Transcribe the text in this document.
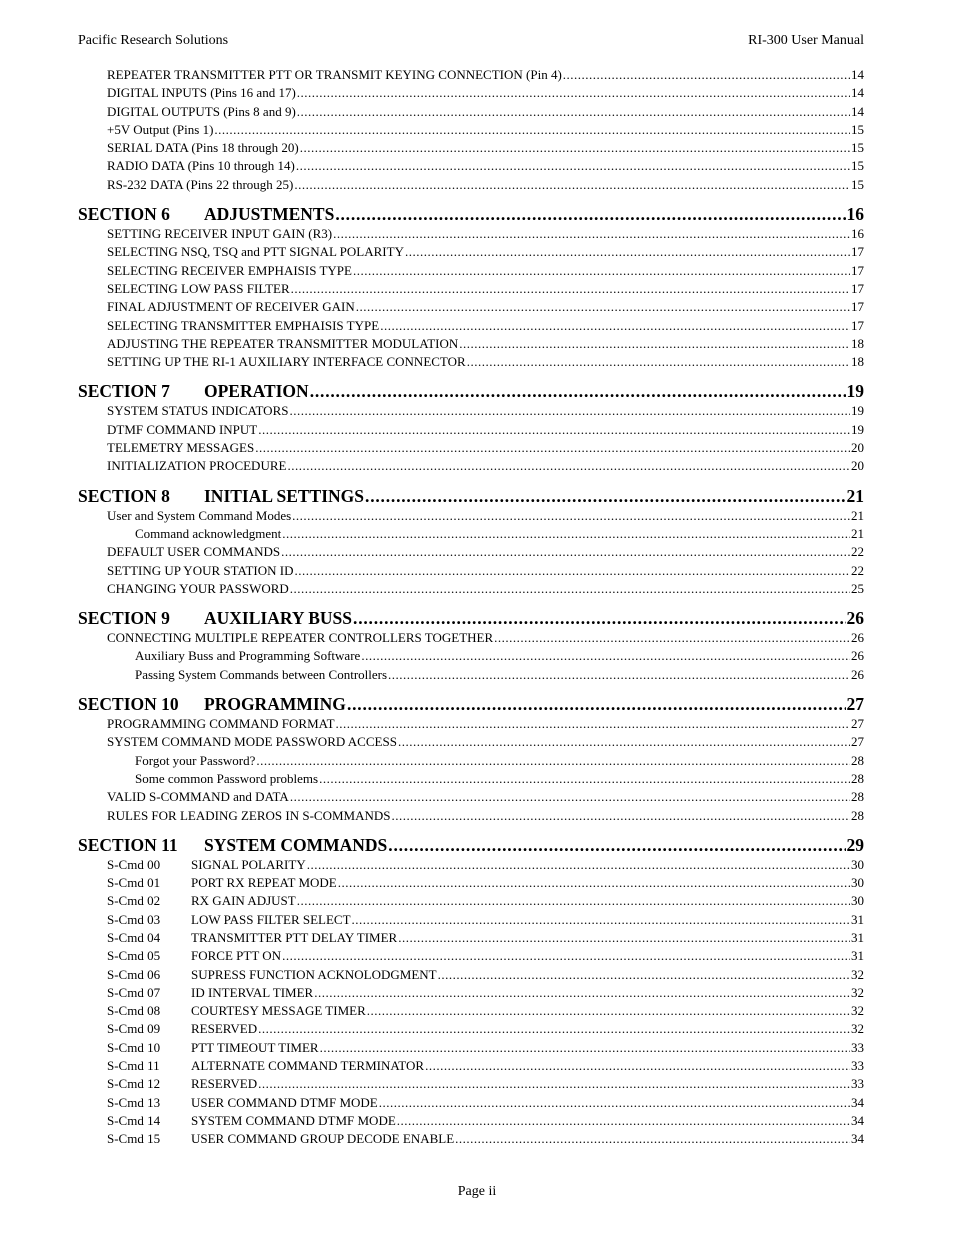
Pacific Research Solutions	RI-300 User Manual
REPEATER TRANSMITTER PTT OR TRANSMIT KEYING CONNECTION (Pin 4) .....	14
DIGITAL INPUTS (Pins 16 and 17) .....	14
DIGITAL OUTPUTS (Pins 8 and 9) .....	14
+5V Output (Pins 1) .....	15
SERIAL DATA (Pins 18 through 20) .....	15
RADIO DATA (Pins 10 through 14) .....	15
RS-232 DATA (Pins 22 through 25) .....	15
SECTION 6 ADJUSTMENTS .....	16
SETTING RECEIVER INPUT GAIN (R3) .....	16
SELECTING NSQ, TSQ and PTT SIGNAL POLARITY .....	17
SELECTING RECEIVER EMPHAISIS TYPE .....	17
SELECTING LOW PASS FILTER .....	17
FINAL ADJUSTMENT OF RECEIVER GAIN .....	17
SELECTING TRANSMITTER EMPHAISIS TYPE .....	17
ADJUSTING THE REPEATER TRANSMITTER MODULATION .....	18
SETTING UP THE RI-1 AUXILIARY INTERFACE CONNECTOR .....	18
SECTION 7 OPERATION .....	19
SYSTEM STATUS INDICATORS .....	19
DTMF COMMAND INPUT .....	19
TELEMETRY MESSAGES .....	20
INITIALIZATION PROCEDURE .....	20
SECTION 8 INITIAL SETTINGS .....	21
User and System Command Modes .....	21
Command acknowledgment .....	21
DEFAULT USER COMMANDS .....	22
SETTING UP YOUR STATION ID .....	22
CHANGING YOUR PASSWORD .....	25
SECTION 9 AUXILIARY BUSS .....	26
CONNECTING MULTIPLE REPEATER CONTROLLERS TOGETHER .....	26
Auxiliary Buss and Programming Software .....	26
Passing System Commands between Controllers .....	26
SECTION 10 PROGRAMMING .....	27
PROGRAMMING COMMAND FORMAT .....	27
SYSTEM COMMAND MODE PASSWORD ACCESS .....	27
Forgot your Password? .....	28
Some common Password problems .....	28
VALID S-COMMAND and DATA .....	28
RULES FOR LEADING ZEROS IN S-COMMANDS .....	28
SECTION 11 SYSTEM COMMANDS .....	29
S-Cmd 00 SIGNAL POLARITY .....	30
S-Cmd 01 PORT RX REPEAT MODE .....	30
S-Cmd 02 RX GAIN ADJUST .....	30
S-Cmd 03 LOW PASS FILTER SELECT .....	31
S-Cmd 04 TRANSMITTER PTT DELAY TIMER .....	31
S-Cmd 05 FORCE PTT ON .....	31
S-Cmd 06 SUPRESS FUNCTION ACKNOLODGMENT .....	32
S-Cmd 07 ID INTERVAL TIMER .....	32
S-Cmd 08 COURTESY MESSAGE TIMER .....	32
S-Cmd 09 RESERVED .....	32
S-Cmd 10 PTT TIMEOUT TIMER .....	33
S-Cmd 11 ALTERNATE COMMAND TERMINATOR .....	33
S-Cmd 12 RESERVED .....	33
S-Cmd 13 USER COMMAND DTMF MODE .....	34
S-Cmd 14 SYSTEM COMMAND DTMF MODE .....	34
S-Cmd 15 USER COMMAND GROUP DECODE ENABLE .....	34
Page ii
